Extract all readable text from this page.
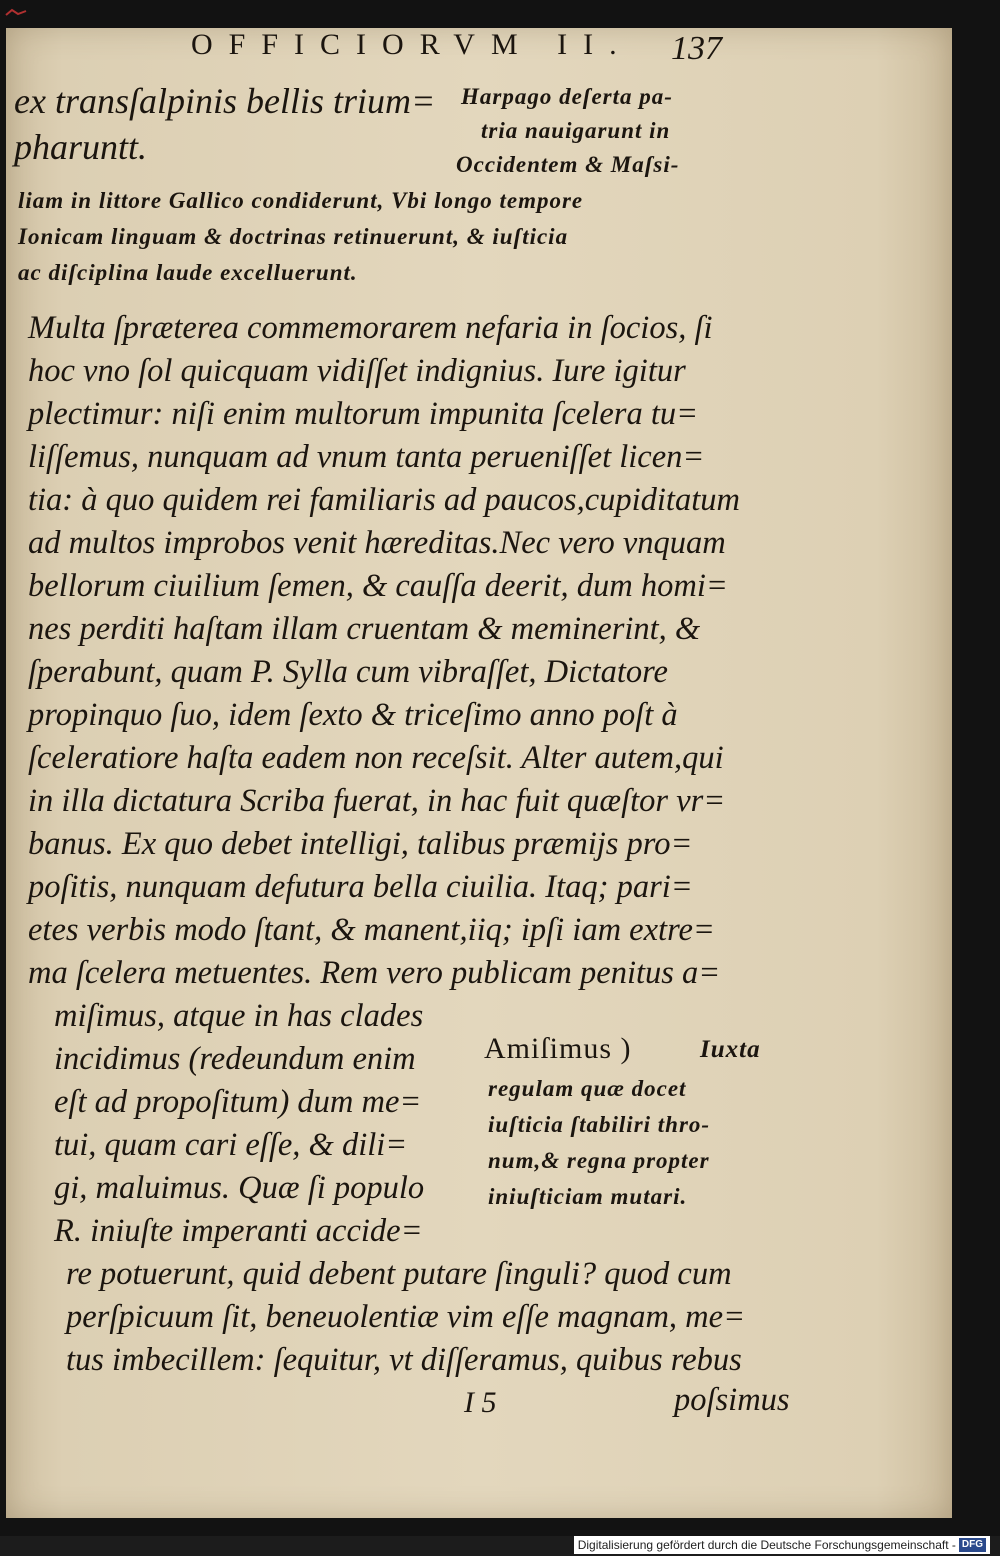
OFFICIORVM II. 137
ex transſalpinis bellis trium=
pharuntt.
Harpago deſerta pa-
tria nauigarunt in
Occidentem & Maſsi-
liam in littore Gallico condiderunt, Vbi longo tempore
Ionicam linguam & doctrinas retinuerunt, & iuſticia
ac diſciplina laude excelluerunt.
Multa ſpræterea commemorarem nefaria in ſocios, ſi
hoc vno ſol quicquam vidiſſet indignius. Iure igitur
plectimur: niſi enim multorum impunita ſcelera tu=
liſſemus, nunquam ad vnum tanta perueniſſet licen=
tia: à quo quidem rei familiaris ad paucos,cupiditatum
ad multos improbos venit hæreditas.Nec vero vnquam
bellorum ciuilium ſemen, & cauſſa deerit, dum homi=
nes perditi haſtam illam cruentam & meminerint, &
ſperabunt, quam P. Sylla cum vibraſſet, Dictatore
propinquo ſuo, idem ſexto & triceſimo anno poſt à
ſceleratiore haſta eadem non receſsit. Alter autem,qui
in illa dictatura Scriba fuerat, in hac fuit quæſtor vr=
banus. Ex quo debet intelligi, talibus præmijs pro=
poſitis, nunquam defutura bella ciuilia. Itaq; pari=
etes verbis modo ſtant, & manent,iiq; ipſi iam extre=
ma ſcelera metuentes. Rem vero publicam penitus a=
miſimus, atque in has clades
incidimus (redeundum enim
eſt ad propoſitum) dum me=
tui, quam cari eſſe, & dili=
gi, maluimus. Quæ ſi populo
R. iniuſte imperanti accide=
Amiſimus )	Iuxta
regulam quæ docet
iuſticia ſtabiliri thro-
num,& regna propter
iniuſticiam mutari.
re potuerunt, quid debent putare ſinguli? quod cum
perſpicuum ſit, beneuolentiæ vim eſſe magnam, me=
tus imbecillem: ſequitur, vt diſſeramus, quibus rebus
I 5	poſsimus
Digitalisierung gefördert durch die Deutsche Forschungsgemeinschaft - DFG
